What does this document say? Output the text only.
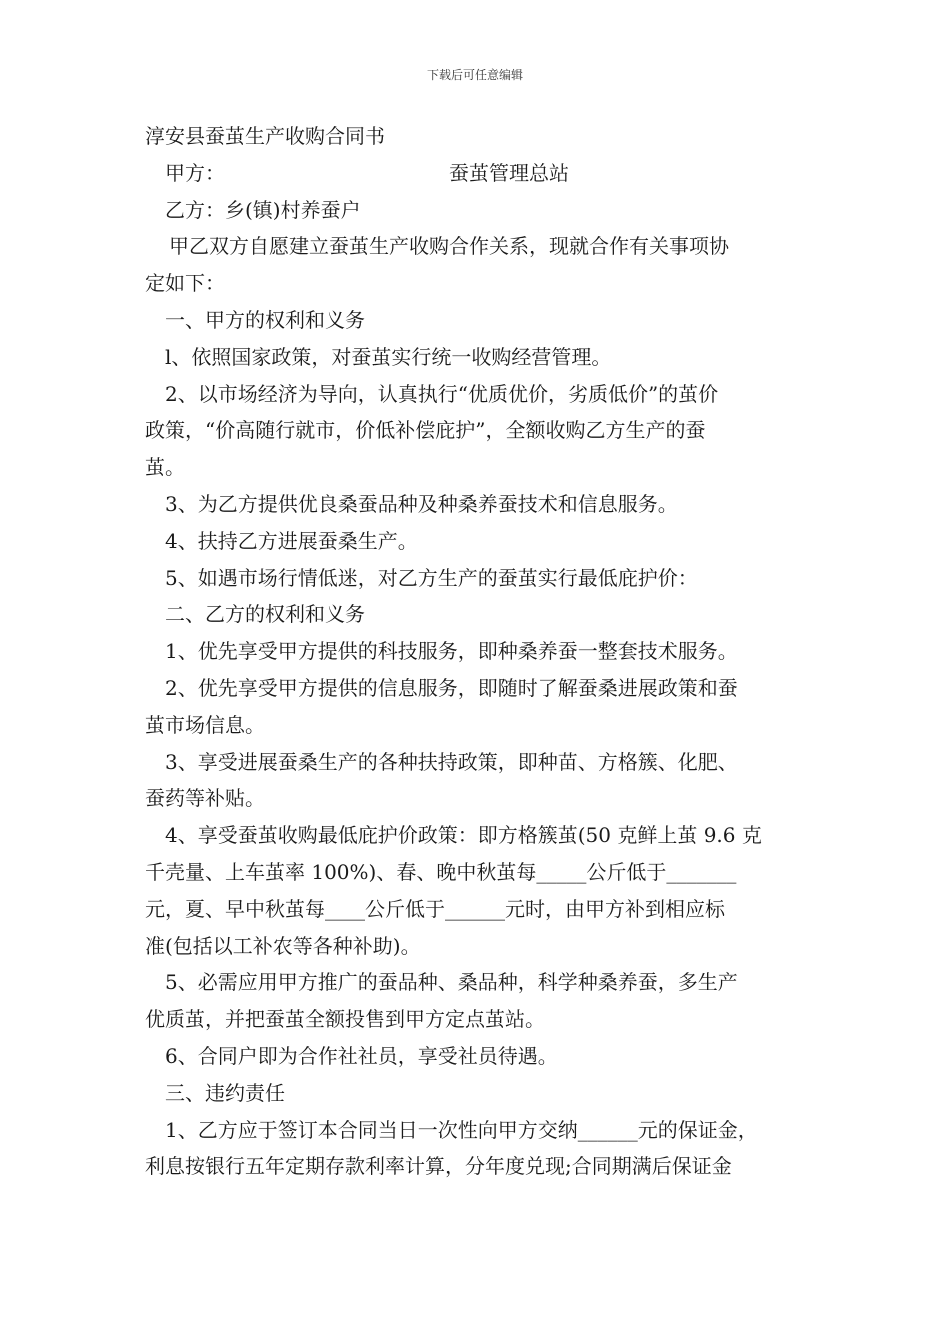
下载后可任意编辑
淳安县蚕茧生产收购合同书
甲方：	蚕茧管理总站
乙方：乡(镇)村养蚕户
甲乙双方自愿建立蚕茧生产收购合作关系，现就合作有关事项协
定如下：
一、甲方的权利和义务
l、依照国家政策，对蚕茧实行统一收购经营管理。
2、以市场经济为导向，认真执行“优质优价，劣质低价”的茧价
政策，“价高随行就市，价低补偿庇护”，全额收购乙方生产的蚕
茧。
3、为乙方提供优良桑蚕品种及种桑养蚕技术和信息服务。
4、扶持乙方进展蚕桑生产。
5、如遇市场行情低迷，对乙方生产的蚕茧实行最低庇护价：
二、乙方的权利和义务
1、优先享受甲方提供的科技服务，即种桑养蚕一整套技术服务。
2、优先享受甲方提供的信息服务，即随时了解蚕桑进展政策和蚕
茧市场信息。
3、享受进展蚕桑生产的各种扶持政策，即种苗、方格簇、化肥、
蚕药等补贴。
4、享受蚕茧收购最低庇护价政策：即方格簇茧(50 克鲜上茧 9.6 克
千壳量、上车茧率 100%)、春、晚中秋茧每_____公斤低于_______
元，夏、早中秋茧每____公斤低于______元时，由甲方补到相应标
准(包括以工补农等各种补助)。
5、必需应用甲方推广的蚕品种、桑品种，科学种桑养蚕，多生产
优质茧，并把蚕茧全额投售到甲方定点茧站。
6、合同户即为合作社社员，享受社员待遇。
三、违约责任
1、乙方应于签订本合同当日一次性向甲方交纳______元的保证金，
利息按银行五年定期存款利率计算，分年度兑现;合同期满后保证金
